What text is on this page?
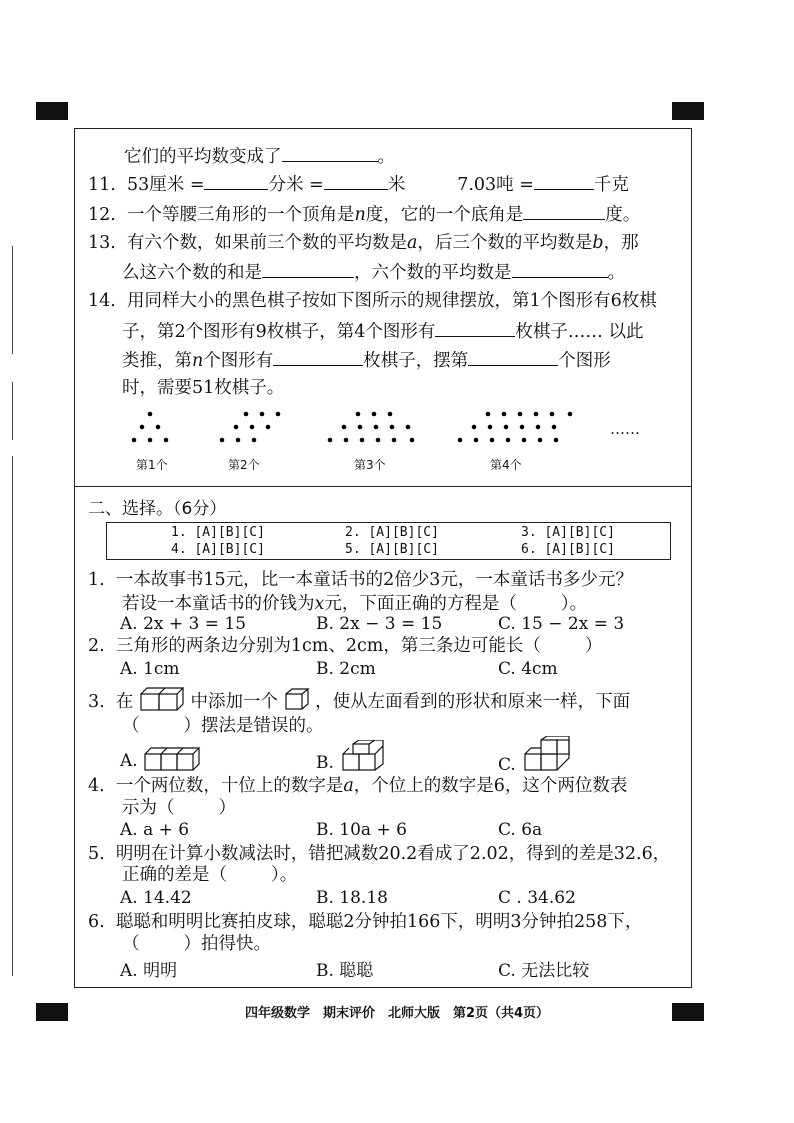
它们的平均数变成了	。
11. 53厘米 =	分米 =	米	7.03吨 =	千克
12. 一个等腰三角形的一个顶角是n度，它的一个底角是	度。
13. 有六个数，如果前三个数的平均数是a，后三个数的平均数是b，那
么这六个数的和是	，六个数的平均数是	。
14. 用同样大小的黑色棋子按如下图所示的规律摆放，第1个图形有6枚棋
子，第2个图形有9枚棋子，第4个图形有	枚棋子…… 以此
类推，第n个图形有	枚棋子，摆第	个图形
时，需要51枚棋子。
……
第1个	第2个	第3个	第4个
二、选择。（6分）
1. [A][B][C]	2. [A][B][C]	3. [A][B][C]
4. [A][B][C]	5. [A][B][C]	6. [A][B][C]
1. 一本故事书15元，比一本童话书的2倍少3元，一本童话书多少元？
若设一本童话书的价钱为x元，下面正确的方程是（	）。
A. 2x + 3 = 15	B. 2x − 3 = 15	C. 15 − 2x = 3
2. 三角形的两条边分别为1cm、2cm，第三条边可能长（	）
A. 1cm	B. 2cm	C. 4cm
3. 在	中添加一个 ，使从左面看到的形状和原来一样，下面
（	）摆法是错误的。
A.	B.	C.
4. 一个两位数，十位上的数字是a，个位上的数字是6，这个两位数表
示为（	）
A. a + 6	B. 10a + 6	C. 6a
5. 明明在计算小数减法时，错把减数20.2看成了2.02，得到的差是32.6，
正确的差是（	）。
A. 14.42	B. 18.18	C . 34.62
6. 聪聪和明明比赛拍皮球，聪聪2分钟拍166下，明明3分钟拍258下，
（	）拍得快。
A. 明明	B. 聪聪	C. 无法比较
四年级数学　期末评价　北师大版　第2页（共4页）
